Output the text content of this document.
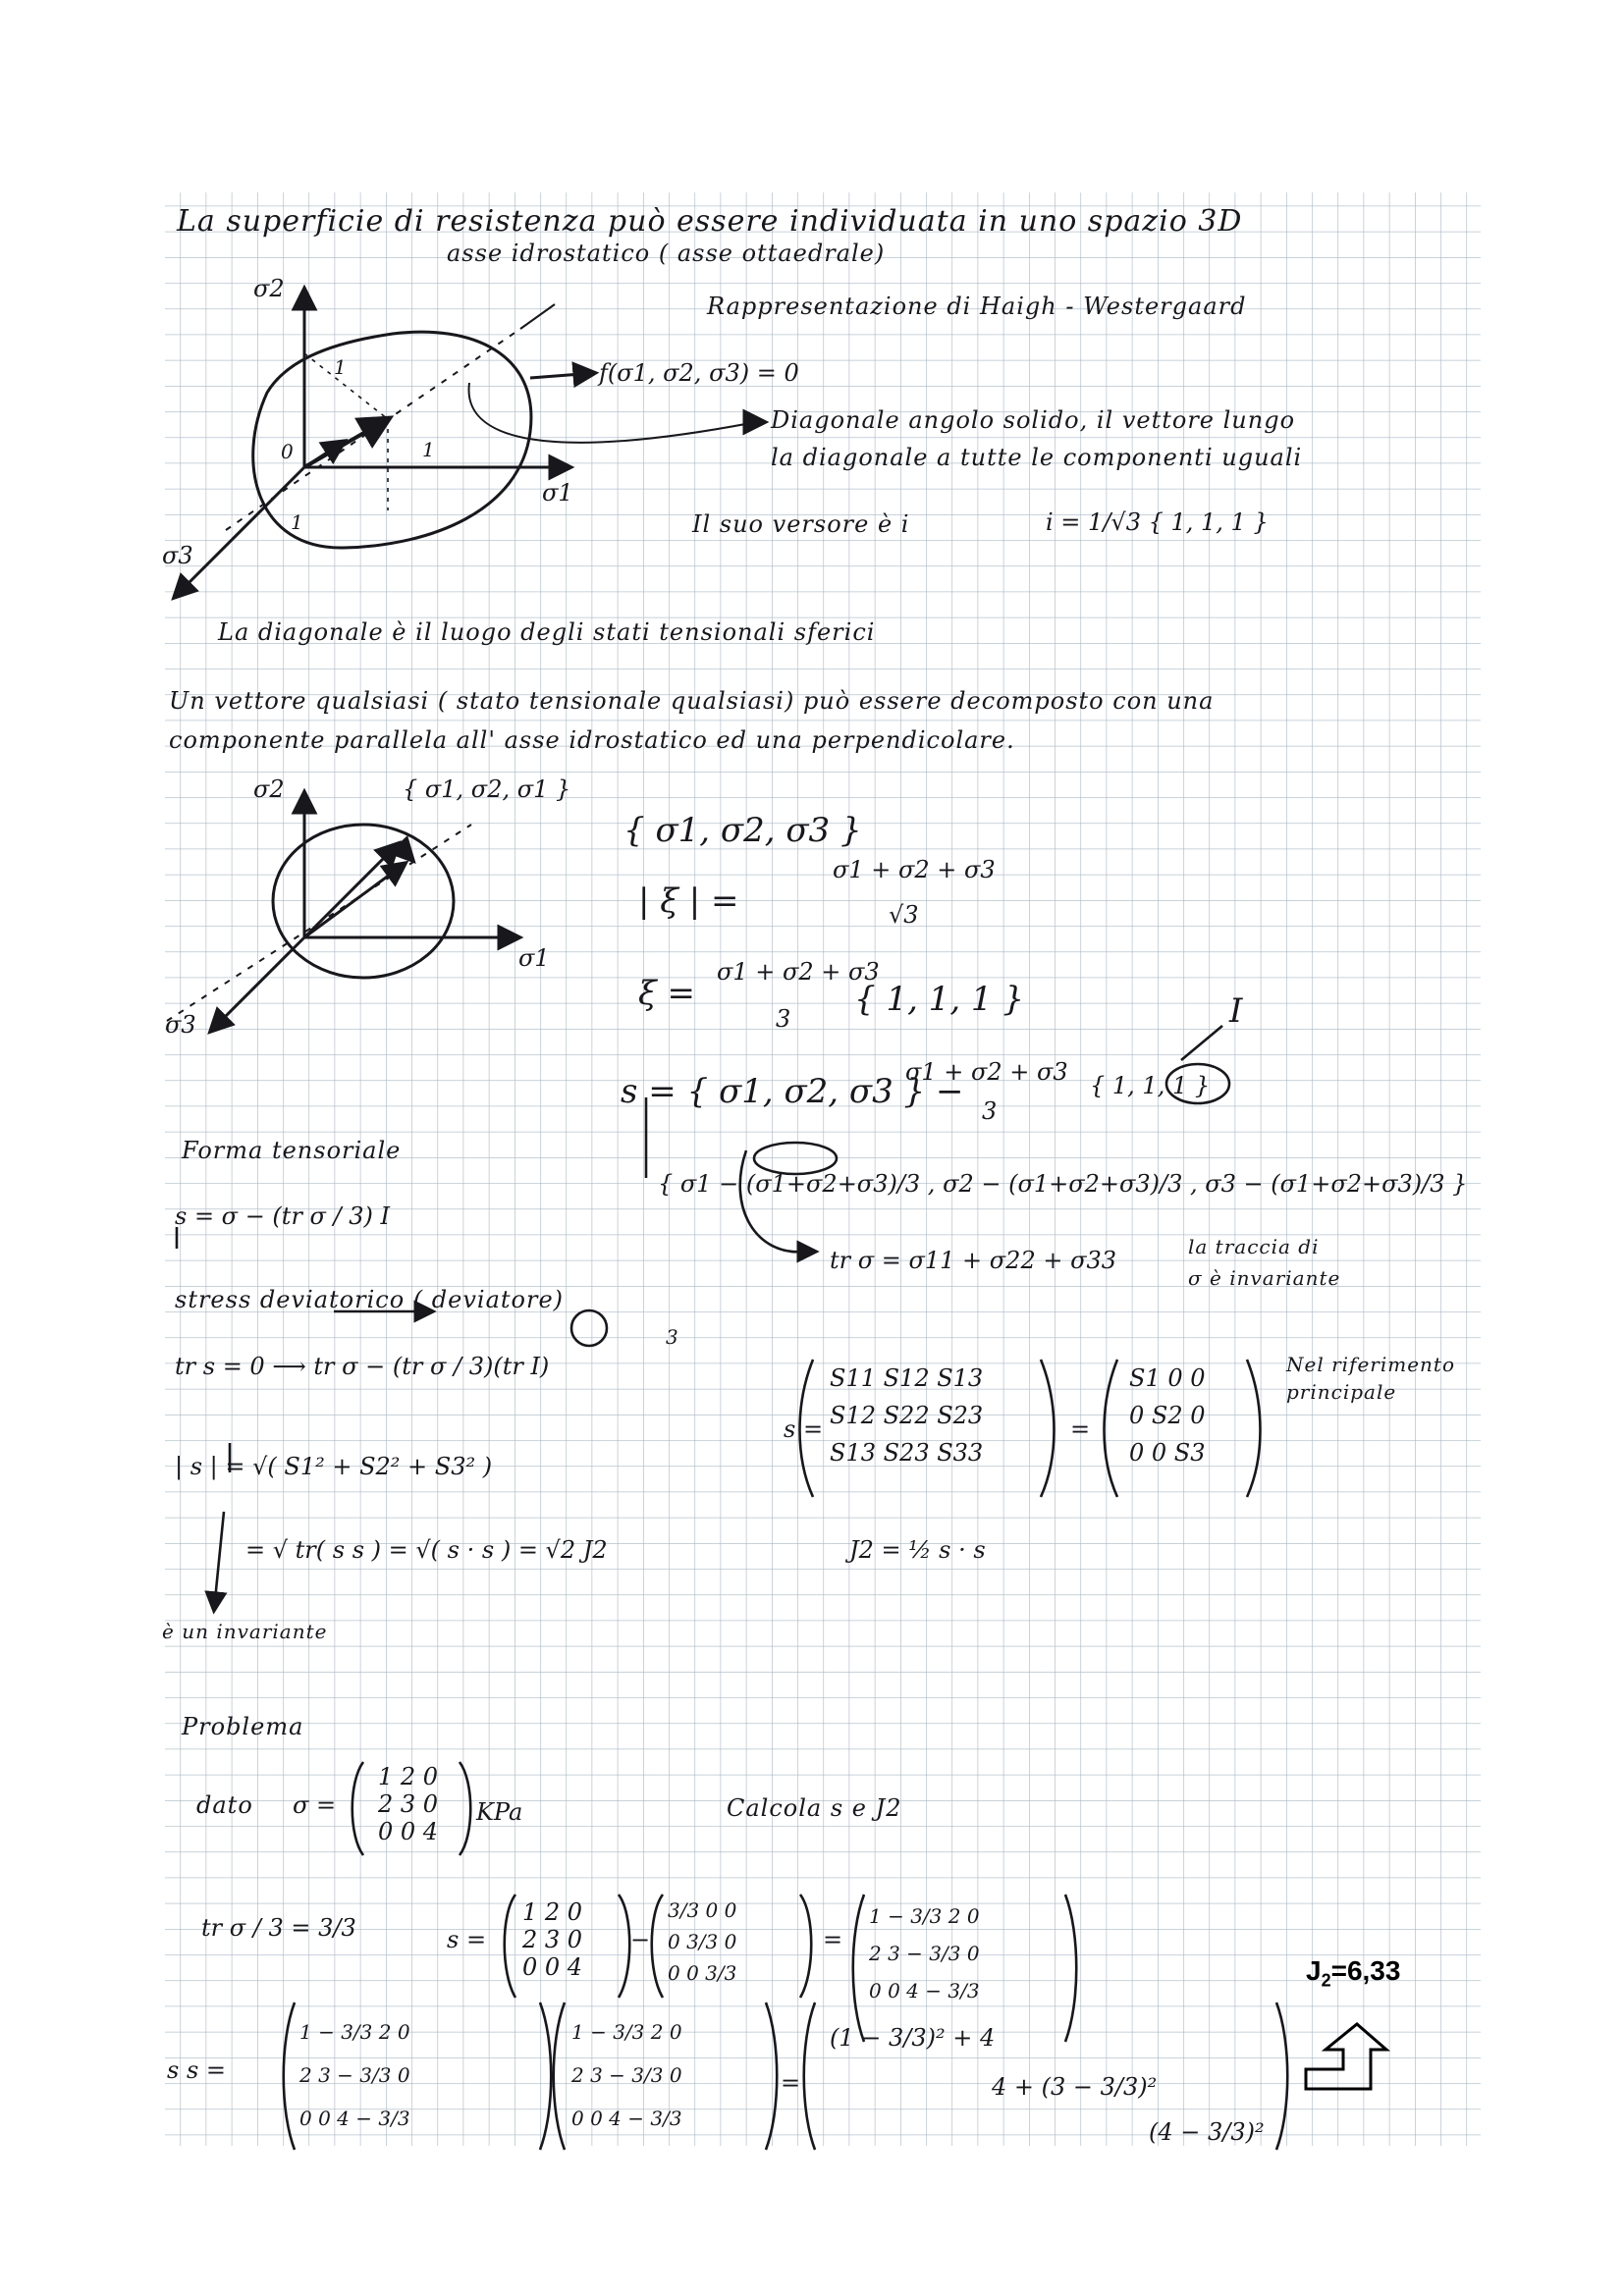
La superficie di resistenza può essere individuata in uno spazio 3D
asse idrostatico ( asse ottaedrale)
Rappresentazione di Haigh - Westergaard
σ2
σ1
σ3
1
1
1
0
f(σ1, σ2, σ3) = 0
Diagonale angolo solido, il vettore lungo
la diagonale a tutte le componenti uguali
Il suo versore è i	i = 1/√3 { 1, 1, 1 }
La diagonale è il luogo degli stati tensionali sferici
Un vettore qualsiasi ( stato tensionale qualsiasi) può essere decomposto con una
componente parallela all' asse idrostatico ed una perpendicolare.
σ2	{ σ1, σ2, σ1 }
σ1
σ3
{ σ1, σ2, σ3 }
| ξ | =
σ1 + σ2 + σ3
√3
ξ =
σ1 + σ2 + σ3
3 { 1, 1, 1 }	I
s = { σ1, σ2, σ3 } −
σ1 + σ2 + σ3
3
{ 1, 1, 1 }
{ σ1 − (σ1+σ2+σ3)/3 , σ2 − (σ1+σ2+σ3)/3 , σ3 − (σ1+σ2+σ3)/3 }
tr σ = σ11 + σ22 + σ33	la traccia di
σ è invariante
Forma tensoriale
s = σ − (tr σ / 3) I
stress deviatorico ( deviatore)
tr s = 0 ⟶ tr σ − (tr σ / 3)(tr I)
3
S11 S12 S13
S12 S22 S23
S13 S23 S33
s =	=
S1 0 0
0 S2 0
0 0 S3
Nel riferimento
principale
| s | = √( S1² + S2² + S3² )
= √ tr( s s ) = √( s · s ) = √2 J2	J2 = ½ s · s
è un invariante
Problema
dato σ =
1 2 0
2 3 0
0 0 4
KPa	Calcola s e J2
tr σ / 3 = 3/3	s =
1 2 0
2 3 0
0 0 4
−
3/3 0 0
0 3/3 0
0 0 3/3
=
1 − 3/3 2 0
2 3 − 3/3 0
0 0 4 − 3/3
s s =
1 − 3/3 2 0
2 3 − 3/3 0
0 0 4 − 3/3
1 − 3/3 2 0
2 3 − 3/3 0
0 0 4 − 3/3
=
(1 − 3/3)² + 4
4 + (3 − 3/3)²
(4 − 3/3)²
$J_2=6,33$
